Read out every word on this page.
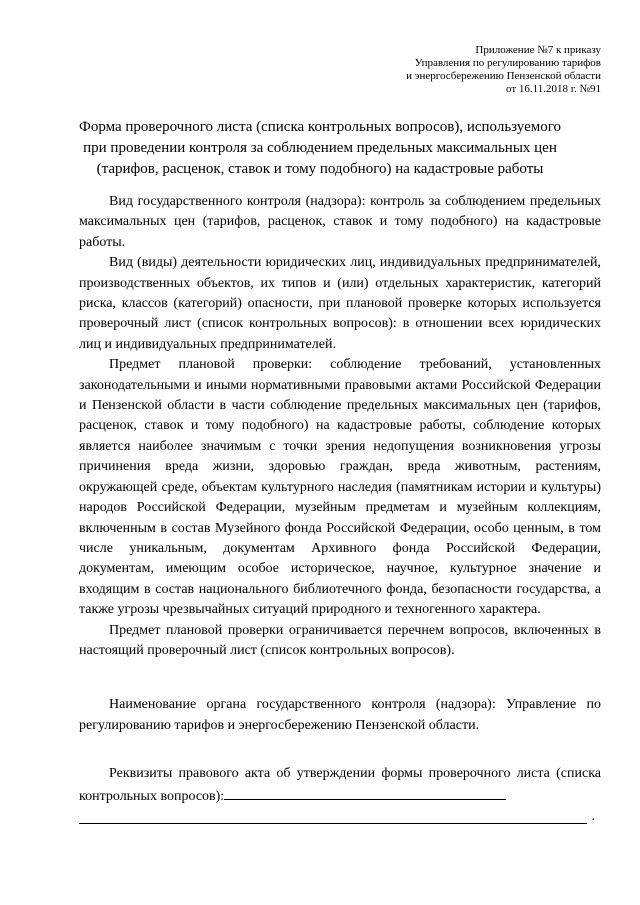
Приложение №7 к приказу
Управления по регулированию тарифов
и энергосбережению Пензенской области
от 16.11.2018 г. №91
Форма проверочного листа (списка контрольных вопросов), используемого при проведении контроля за соблюдением предельных максимальных цен (тарифов, расценок, ставок и тому подобного) на кадастровые работы

Вид государственного контроля (надзора): контроль за соблюдением предельных максимальных цен (тарифов, расценок, ставок и тому подобного) на кадастровые работы.

Вид (виды) деятельности юридических лиц, индивидуальных предпринимателей, производственных объектов, их типов и (или) отдельных характеристик, категорий риска, классов (категорий) опасности, при плановой проверке которых используется проверочный лист (список контрольных вопросов): в отношении всех юридических лиц и индивидуальных предпринимателей.

Предмет плановой проверки: соблюдение требований, установленных законодательными и иными нормативными правовыми актами Российской Федерации и Пензенской области в части соблюдение предельных максимальных цен (тарифов, расценок, ставок и тому подобного) на кадастровые работы, соблюдение которых является наиболее значимым с точки зрения недопущения возникновения угрозы причинения вреда жизни, здоровью граждан, вреда животным, растениям, окружающей среде, объектам культурного наследия (памятникам истории и культуры) народов Российской Федерации, музейным предметам и музейным коллекциям, включенным в состав Музейного фонда Российской Федерации, особо ценным, в том числе уникальным, документам Архивного фонда Российской Федерации, документам, имеющим особое историческое, научное, культурное значение и входящим в состав национального библиотечного фонда, безопасности государства, а также угрозы чрезвычайных ситуаций природного и техногенного характера.

Предмет плановой проверки ограничивается перечнем вопросов, включенных в настоящий проверочный лист (список контрольных вопросов).

Наименование органа государственного контроля (надзора): Управление по регулированию тарифов и энергосбережению Пензенской области.

Реквизиты правового акта об утверждении формы проверочного листа (списка контрольных вопросов):

.
